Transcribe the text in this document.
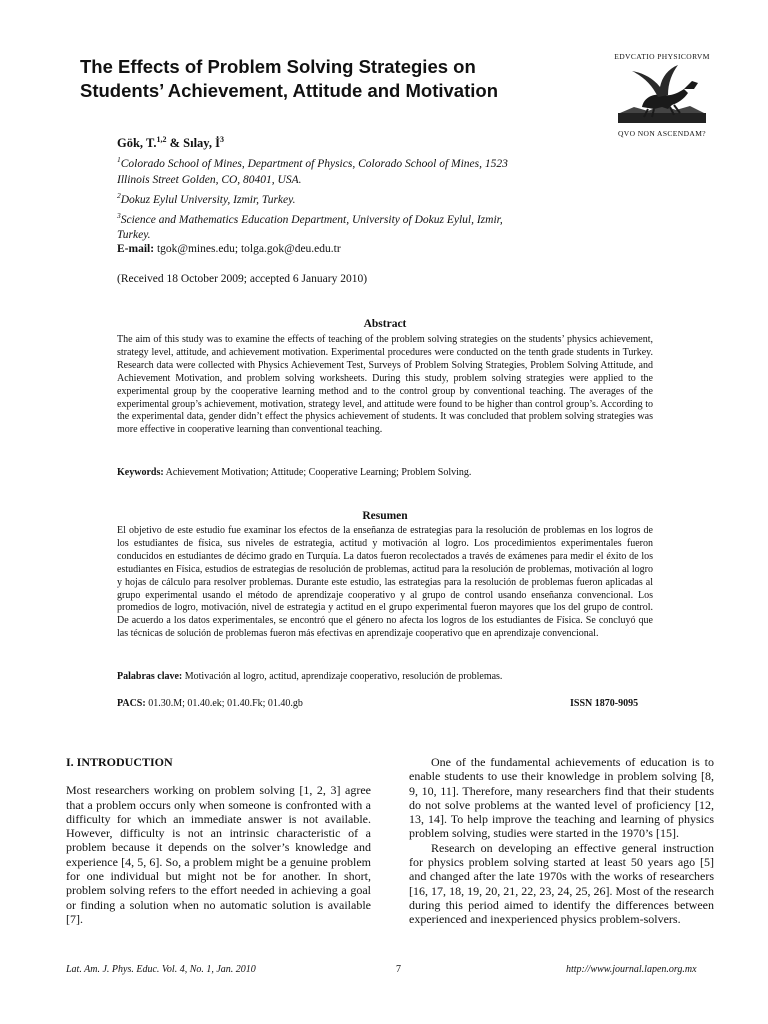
The Effects of Problem Solving Strategies on Students’ Achievement, Attitude and Motivation
EDVCATIO PHYSICORVM
QVO NON ASCENDAM?
Gök, T.$^{1,2}$ & Sılay, $İ^3$
$^1$Colorado School of Mines, Department of Physics, Colorado School of Mines, 1523 Illinois Street Golden, CO, 80401, USA.
$^2$Dokuz Eylul University, Izmir, Turkey.
$^3$Science and Mathematics Education Department, University of Dokuz Eylul, Izmir, Turkey.
E-mail: tgok@mines.edu; tolga.gok@deu.edu.tr
(Received 18 October 2009; accepted 6 January 2010)
Abstract

The aim of this study was to examine the effects of teaching of the problem solving strategies on the students’ physics achievement, strategy level, attitude, and achievement motivation. Experimental procedures were conducted on the tenth grade students in Turkey. Research data were collected with Physics Achievement Test, Surveys of Problem Solving Strategies, Problem Solving Attitude, and Achievement Motivation, and problem solving worksheets. During this study, problem solving strategies were applied to the experimental group by the cooperative learning method and to the control group by conventional teaching. The averages of the experimental group’s achievement, motivation, strategy level, and attitude were found to be higher than control group’s. According to the experimental data, gender didn’t effect the physics achievement of students. It was concluded that problem solving strategies was more effective in cooperative learning than conventional teaching.

Keywords: Achievement Motivation; Attitude; Cooperative Learning; Problem Solving.
Resumen

El objetivo de este estudio fue examinar los efectos de la enseñanza de estrategias para la resolución de problemas en los logros de los estudiantes de física, sus niveles de estrategia, actitud y motivación al logro. Los procedimientos experimentales fueron conducidos en estudiantes de décimo grado en Turquía. La datos fueron recolectados a través de exámenes para medir el éxito de los estudiantes en Física, estudios de estrategias de resolución de problemas, actitud para la resolución de problemas, motivación al logro y hojas de cálculo para resolver problemas. Durante este estudio, las estrategias para la resolución de problemas fueron aplicadas al grupo experimental usando el método de aprendizaje cooperativo y al grupo de control usando enseñanza convencional. Los promedios de logro, motivación, nivel de estrategia y actitud en el grupo experimental fueron mayores que los del grupo de control. De acuerdo a los datos experimentales, se encontró que el género no afecta los logros de los estudiantes de Física. Se concluyó que las técnicas de solución de problemas fueron más efectivas en aprendizaje cooperativo que en aprendizaje convencional.

Palabras clave: Motivación al logro, actitud, aprendizaje cooperativo, resolución de problemas.
PACS: 01.30.M; 01.40.ek; 01.40.Fk; 01.40.gb	ISSN 1870-9095
I. INTRODUCTION

Most researchers working on problem solving [1, 2, 3] agree that a problem occurs only when someone is confronted with a difficulty for which an immediate answer is not available. However, difficulty is not an intrinsic characteristic of a problem because it depends on the solver’s knowledge and experience [4, 5, 6]. So, a problem might be a genuine problem for one individual but might not be for another. In short, problem solving refers to the effort needed in achieving a goal or finding a solution when no automatic solution is available [7].

One of the fundamental achievements of education is to enable students to use their knowledge in problem solving [8, 9, 10, 11]. Therefore, many researchers find that their students do not solve problems at the wanted level of proficiency [12, 13, 14]. To help improve the teaching and learning of physics problem solving, studies were started in the 1970’s [15].

Research on developing an effective general instruction for physics problem solving started at least 50 years ago [5] and changed after the late 1970s with the works of researchers [16, 17, 18, 19, 20, 21, 22, 23, 24, 25, 26]. Most of the research during this period aimed to identify the differences between experienced and inexperienced physics problem-solvers.

Lat. Am. J. Phys. Educ. Vol. 4, No. 1, Jan. 2010	7	http://www.journal.lapen.org.mx
